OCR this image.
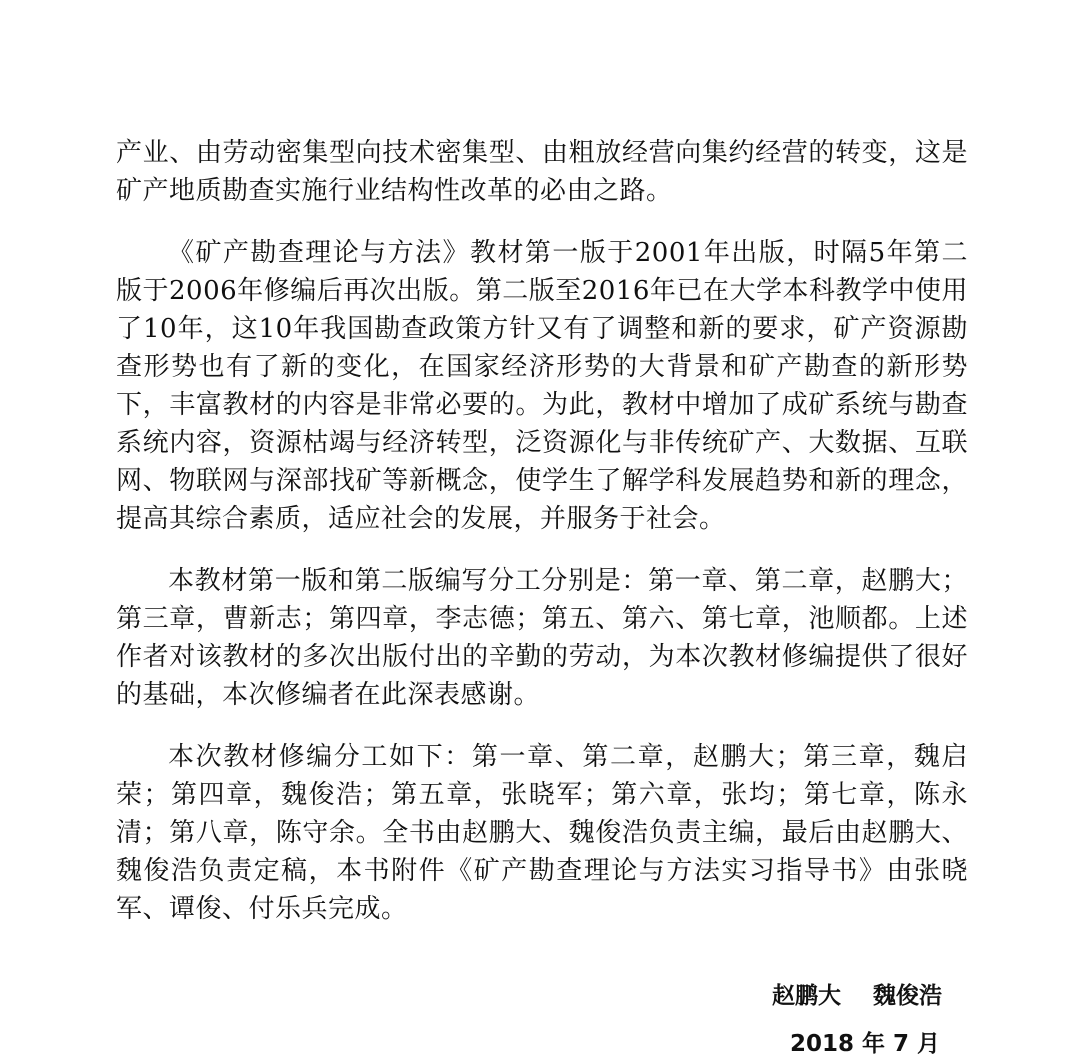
产业、由劳动密集型向技术密集型、由粗放经营向集约经营的转变，这是矿产地质勘查实施行业结构性改革的必由之路。

《矿产勘查理论与方法》教材第一版于2001年出版，时隔5年第二版于2006年修编后再次出版。第二版至2016年已在大学本科教学中使用了10年，这10年我国勘查政策方针又有了调整和新的要求，矿产资源勘查形势也有了新的变化，在国家经济形势的大背景和矿产勘查的新形势下，丰富教材的内容是非常必要的。为此，教材中增加了成矿系统与勘查系统内容，资源枯竭与经济转型，泛资源化与非传统矿产、大数据、互联网、物联网与深部找矿等新概念，使学生了解学科发展趋势和新的理念，提高其综合素质，适应社会的发展，并服务于社会。

本教材第一版和第二版编写分工分别是：第一章、第二章，赵鹏大；第三章，曹新志；第四章，李志德；第五、第六、第七章，池顺都。上述作者对该教材的多次出版付出的辛勤的劳动，为本次教材修编提供了很好的基础，本次修编者在此深表感谢。

本次教材修编分工如下：第一章、第二章，赵鹏大；第三章，魏启荣；第四章，魏俊浩；第五章，张晓军；第六章，张均；第七章，陈永清；第八章，陈守余。全书由赵鹏大、魏俊浩负责主编，最后由赵鹏大、魏俊浩负责定稿，本书附件《矿产勘查理论与方法实习指导书》由张晓军、谭俊、付乐兵完成。

赵鹏大    魏俊浩
2018 年 7 月
